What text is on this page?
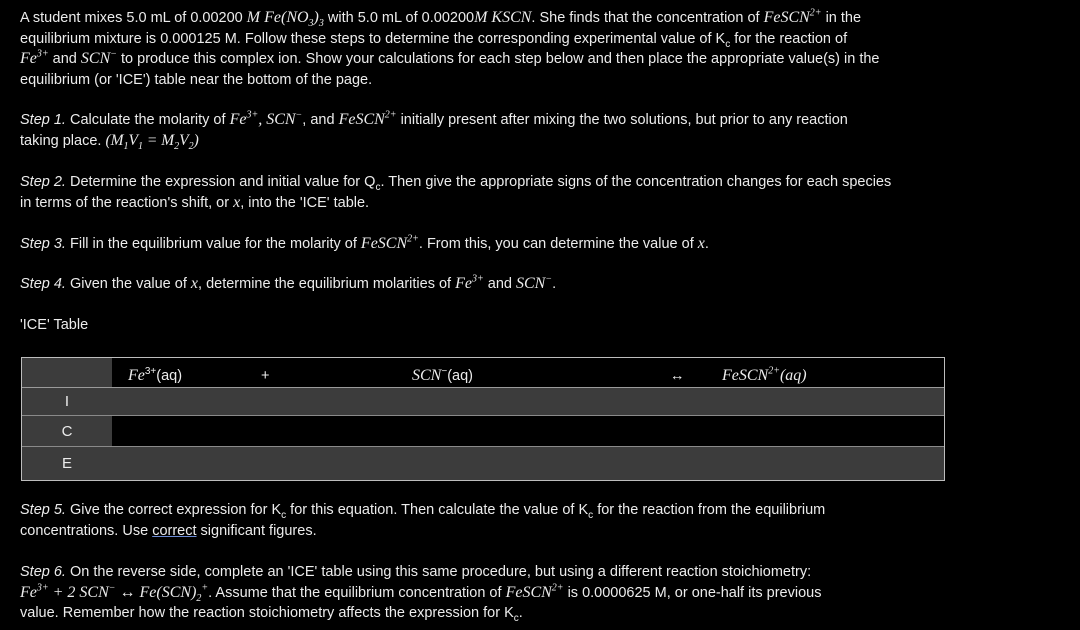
A student mixes 5.0 mL of 0.00200 M $Fe(NO_3)_3$ with 5.0 mL of 0.00200M KSCN. She finds that the concentration of FeSCN$^{2+}$ in the
equilibrium mixture is 0.000125 M. Follow these steps to determine the corresponding experimental value of $K_c$ for the reaction of
$Fe^{3+}$ and SCN− to produce this complex ion. Show your calculations for each step below and then place the appropriate value(s) in the
equilibrium (or 'ICE') table near the bottom of the page.
Step 1. Calculate the molarity of $Fe^{3+}$, SCN−, and FeSCN$^{2+}$ initially present after mixing the two solutions, but prior to any reaction
taking place. $(M_1V_1 = M_2V_2)$
Step 2. Determine the expression and initial value for $Q_c$. Then give the appropriate signs of the concentration changes for each species
in terms of the reaction's shift, or x, into the 'ICE' table.
Step 3. Fill in the equilibrium value for the molarity of FeSCN$^{2+}$. From this, you can determine the value of x.
Step 4. Given the value of x, determine the equilibrium molarities of $Fe^{3+}$ and SCN−.
'ICE' Table
$Fe^{3+}(aq)$	+	SCN−(aq)	↔ FeSCN$^{2+}$(aq)
I
C
E
Step 5. Give the correct expression for $K_c$ for this equation. Then calculate the value of $K_c$ for the reaction from the equilibrium
concentrations. Use correct significant figures.
Step 6. On the reverse side, complete an 'ICE' table using this same procedure, but using a different reaction stoichiometry:
$Fe^{3+} + 2$ SCN− ↔ $Fe(SCN)_2^+$. Assume that the equilibrium concentration of FeSCN$^{2+}$ is 0.0000625 M, or one-half its previous
value. Remember how the reaction stoichiometry affects the expression for $K_c$.
